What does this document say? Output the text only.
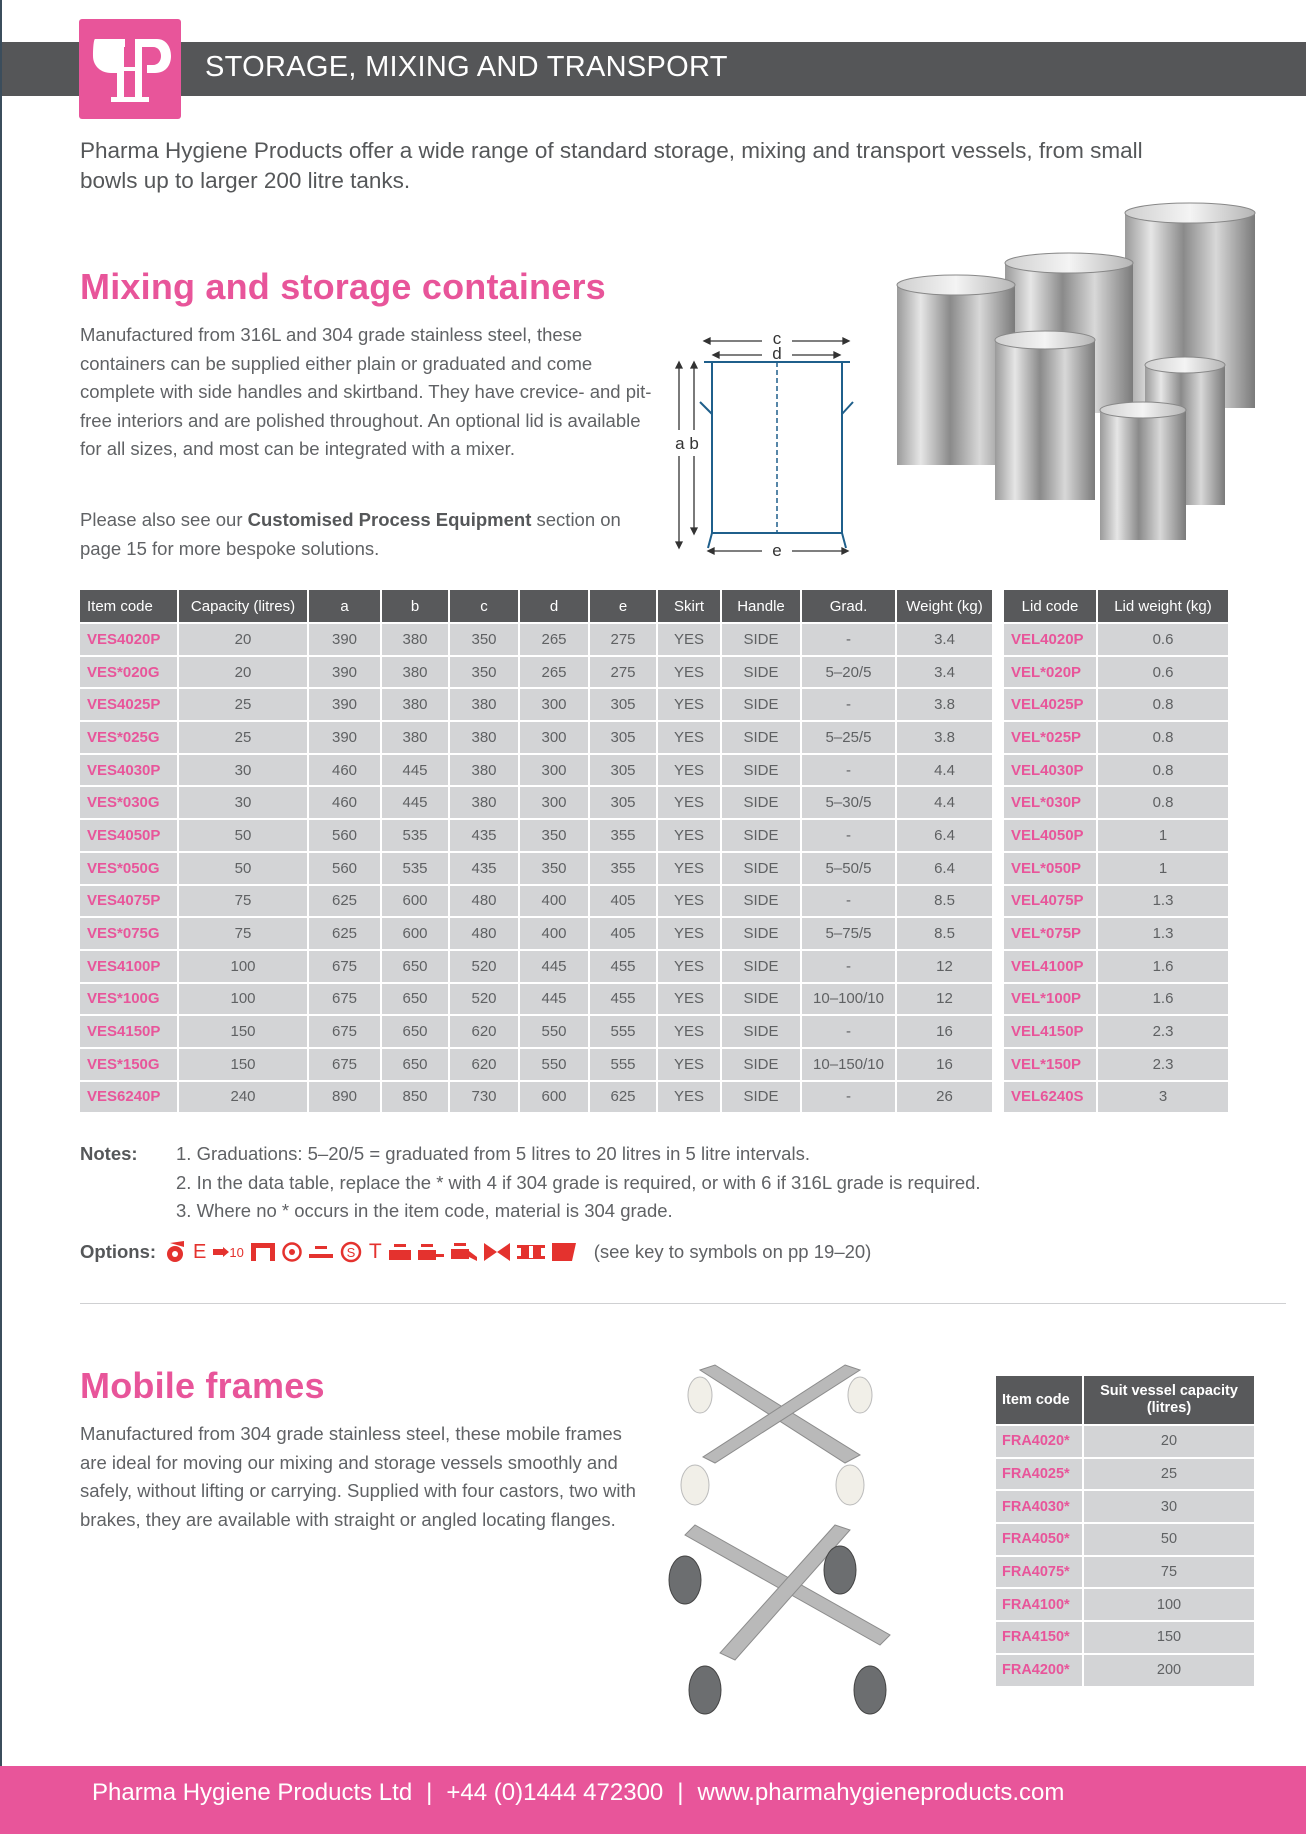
STORAGE, MIXING AND TRANSPORT
Pharma Hygiene Products offer a wide range of standard storage, mixing and transport vessels, from small bowls up to larger 200 litre tanks.
Mixing and storage containers
Manufactured from 316L and 304 grade stainless steel, these containers can be supplied either plain or graduated and come complete with side handles and skirtband. They have crevice- and pit-free interiors and are polished throughout. An optional lid is available for all sizes, and most can be integrated with a mixer.
Please also see our Customised Process Equipment section on page 15 for more bespoke solutions.
c
d
a b
e
Item code	Capacity (litres)	a	b	c	d	e	Skirt	Handle	Grad.	Weight (kg)		Lid code	Lid weight (kg)
VES4020P	20	390	380	350	265	275	YES	SIDE	-	3.4		VEL4020P	0.6
VES*020G	20	390	380	350	265	275	YES	SIDE	5–20/5	3.4		VEL*020P	0.6
VES4025P	25	390	380	380	300	305	YES	SIDE	-	3.8		VEL4025P	0.8
VES*025G	25	390	380	380	300	305	YES	SIDE	5–25/5	3.8		VEL*025P	0.8
VES4030P	30	460	445	380	300	305	YES	SIDE	-	4.4		VEL4030P	0.8
VES*030G	30	460	445	380	300	305	YES	SIDE	5–30/5	4.4		VEL*030P	0.8
VES4050P	50	560	535	435	350	355	YES	SIDE	-	6.4		VEL4050P	1
VES*050G	50	560	535	435	350	355	YES	SIDE	5–50/5	6.4		VEL*050P	1
VES4075P	75	625	600	480	400	405	YES	SIDE	-	8.5		VEL4075P	1.3
VES*075G	75	625	600	480	400	405	YES	SIDE	5–75/5	8.5		VEL*075P	1.3
VES4100P	100	675	650	520	445	455	YES	SIDE	-	12		VEL4100P	1.6
VES*100G	100	675	650	520	445	455	YES	SIDE	10–100/10	12		VEL*100P	1.6
VES4150P	150	675	650	620	550	555	YES	SIDE	-	16		VEL4150P	2.3
VES*150G	150	675	650	620	550	555	YES	SIDE	10–150/10	16		VEL*150P	2.3
VES6240P	240	890	850	730	600	625	YES	SIDE	-	26		VEL6240S	3
Notes: 1. Graduations: 5–20/5 = graduated from 5 litres to 20 litres in 5 litre intervals.
2. In the data table, replace the * with 4 if 304 grade is required, or with 6 if 316L grade is required.
3. Where no * occurs in the item code, material is 304 grade.
Options: E 10	S T	(see key to symbols on pp 19–20)
Mobile frames
Manufactured from 304 grade stainless steel, these mobile frames are ideal for moving our mixing and storage vessels smoothly and safely, without lifting or carrying. Supplied with four castors, two with brakes, they are available with straight or angled locating flanges.
Item code	Suit vessel capacity (litres)
FRA4020*	20
FRA4025*	25
FRA4030*	30
FRA4050*	50
FRA4075*	75
FRA4100*	100
FRA4150*	150
FRA4200*	200
Pharma Hygiene Products Ltd | +44 (0)1444 472300 | www.pharmahygieneproducts.com
